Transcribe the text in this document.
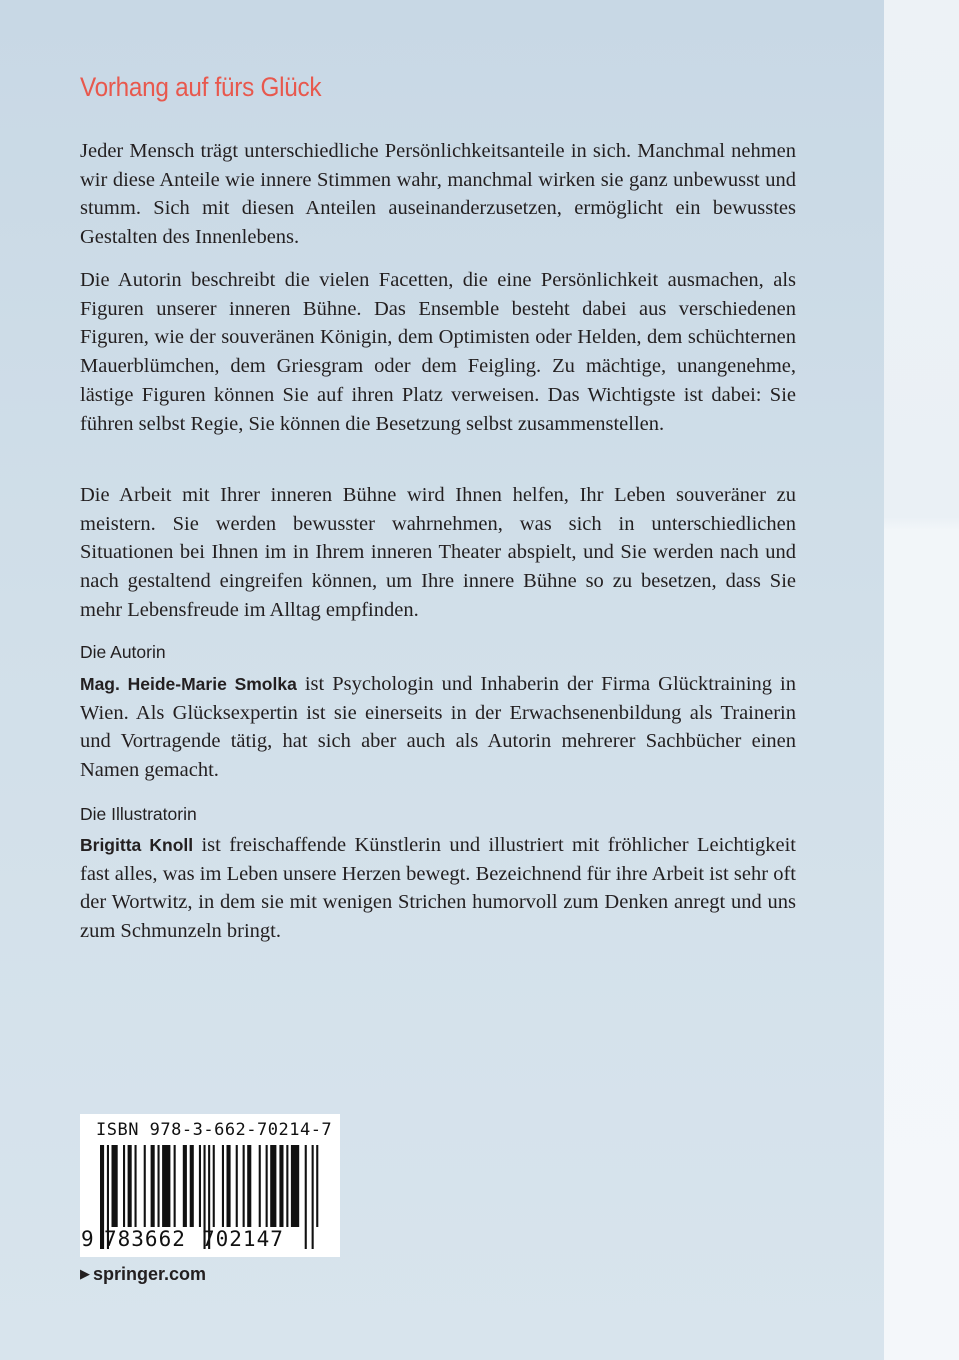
Vorhang auf fürs Glück

Jeder Mensch trägt unterschiedliche Persönlichkeitsanteile in sich. Manchmal nehmen wir diese Anteile wie innere Stimmen wahr, manchmal wirken sie ganz unbewusst und stumm. Sich mit diesen Anteilen auseinanderzusetzen, ermöglicht ein bewusstes Gestalten des Innenlebens.

Die Autorin beschreibt die vielen Facetten, die eine Persönlichkeit ausmachen, als Figuren unserer inneren Bühne. Das Ensemble besteht dabei aus verschiedenen Figuren, wie der souveränen Königin, dem Optimisten oder Helden, dem schüchternen Mauerblümchen, dem Griesgram oder dem Feigling. Zu mächtige, unangenehme, lästige Figuren können Sie auf ihren Platz verweisen. Das Wichtigste ist dabei: Sie führen selbst Regie, Sie können die Besetzung selbst zusammenstellen.

Die Arbeit mit Ihrer inneren Bühne wird Ihnen helfen, Ihr Leben souveräner zu meistern. Sie werden bewusster wahrnehmen, was sich in unterschiedlichen Situationen bei Ihnen im in Ihrem inneren Theater abspielt, und Sie werden nach und nach gestaltend eingreifen können, um Ihre innere Bühne so zu besetzen, dass Sie mehr Lebensfreude im Alltag empfinden.

Die Autorin

Mag. Heide-Marie Smolka ist Psychologin und Inhaberin der Firma Glücktraining in Wien. Als Glücksexpertin ist sie einerseits in der Erwachsenenbildung als Trainerin und Vortragende tätig, hat sich aber auch als Autorin mehrerer Sachbücher einen Namen gemacht.

Die Illustratorin

Brigitta Knoll ist freischaffende Künstlerin und illustriert mit fröhlicher Leichtigkeit fast alles, was im Leben unsere Herzen bewegt. Bezeichnend für ihre Arbeit ist sehr oft der Wortwitz, in dem sie mit wenigen Strichen humorvoll zum Denken anregt und uns zum Schmunzeln bringt.

ISBN 978-3-662-70214-7
9 783662 702147
▶ springer.com
